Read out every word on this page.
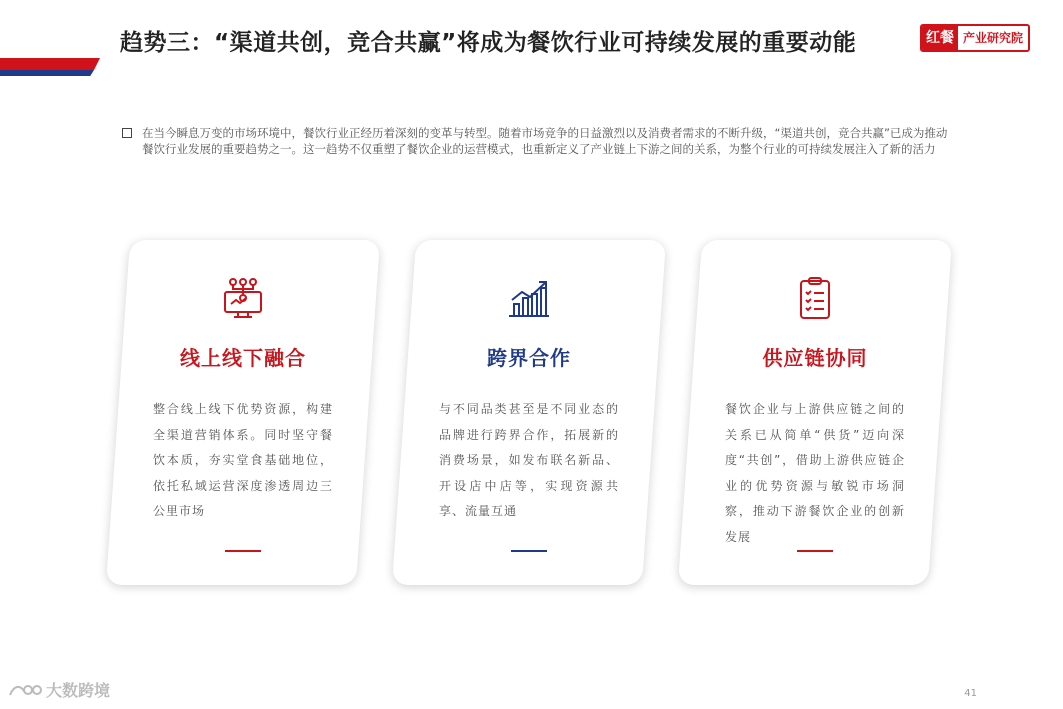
趋势三：“渠道共创，竞合共赢”将成为餐饮行业可持续发展的重要动能	红餐 产业研究院
在当今瞬息万变的市场环境中，餐饮行业正经历着深刻的变革与转型。随着市场竞争的日益激烈以及消费者需求的不断升级，“渠道共创，竞合共赢”已成为推动餐饮行业发展的重要趋势之一。这一趋势不仅重塑了餐饮企业的运营模式，也重新定义了产业链上下游之间的关系，为整个行业的可持续发展注入了新的活力
线上线下融合
整合线上线下优势资源，构建全渠道营销体系。同时坚守餐饮本质，夯实堂食基础地位，依托私域运营深度渗透周边三公里市场
跨界合作
与不同品类甚至是不同业态的品牌进行跨界合作，拓展新的消费场景，如发布联名新品、开设店中店等，实现资源共享、流量互通
供应链协同
餐饮企业与上游供应链之间的关系已从简单“供货”迈向深度“共创”，借助上游供应链企业的优势资源与敏锐市场洞察，推动下游餐饮企业的创新发展
大数跨境	41
